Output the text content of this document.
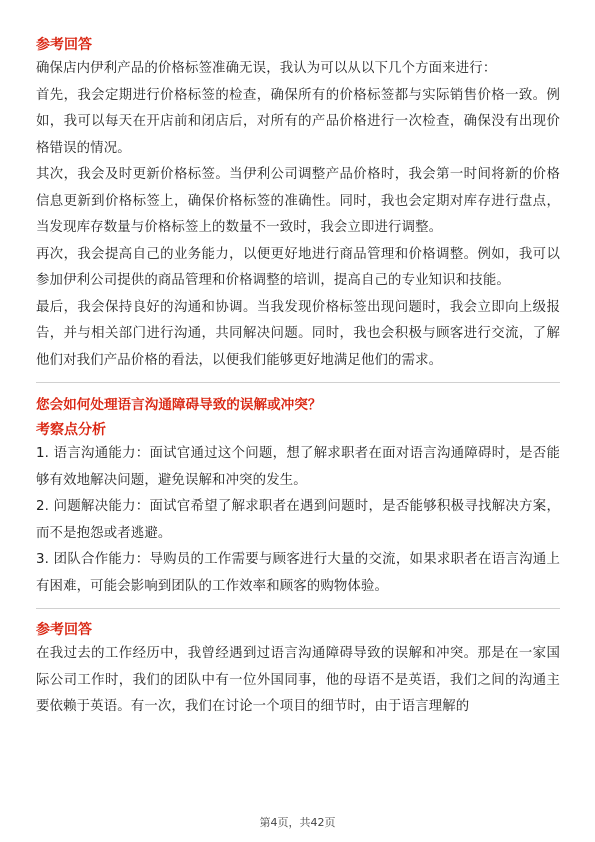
参考回答

确保店内伊利产品的价格标签准确无误，我认为可以从以下几个方面来进行：

首先，我会定期进行价格标签的检查，确保所有的价格标签都与实际销售价格一致。例如，我可以每天在开店前和闭店后，对所有的产品价格进行一次检查，确保没有出现价格错误的情况。

其次，我会及时更新价格标签。当伊利公司调整产品价格时，我会第一时间将新的价格信息更新到价格标签上，确保价格标签的准确性。同时，我也会定期对库存进行盘点，当发现库存数量与价格标签上的数量不一致时，我会立即进行调整。

再次，我会提高自己的业务能力，以便更好地进行商品管理和价格调整。例如，我可以参加伊利公司提供的商品管理和价格调整的培训，提高自己的专业知识和技能。

最后，我会保持良好的沟通和协调。当我发现价格标签出现问题时，我会立即向上级报告，并与相关部门进行沟通，共同解决问题。同时，我也会积极与顾客进行交流，了解他们对我们产品价格的看法，以便我们能够更好地满足他们的需求。

您会如何处理语言沟通障碍导致的误解或冲突？
考察点分析

1. 语言沟通能力：面试官通过这个问题，想了解求职者在面对语言沟通障碍时，是否能够有效地解决问题，避免误解和冲突的发生。

2. 问题解决能力：面试官希望了解求职者在遇到问题时，是否能够积极寻找解决方案，而不是抱怨或者逃避。

3. 团队合作能力：导购员的工作需要与顾客进行大量的交流，如果求职者在语言沟通上有困难，可能会影响到团队的工作效率和顾客的购物体验。

参考回答

在我过去的工作经历中，我曾经遇到过语言沟通障碍导致的误解和冲突。那是在一家国际公司工作时，我们的团队中有一位外国同事，他的母语不是英语，我们之间的沟通主要依赖于英语。有一次，我们在讨论一个项目的细节时，由于语言理解的

第4页，共42页
